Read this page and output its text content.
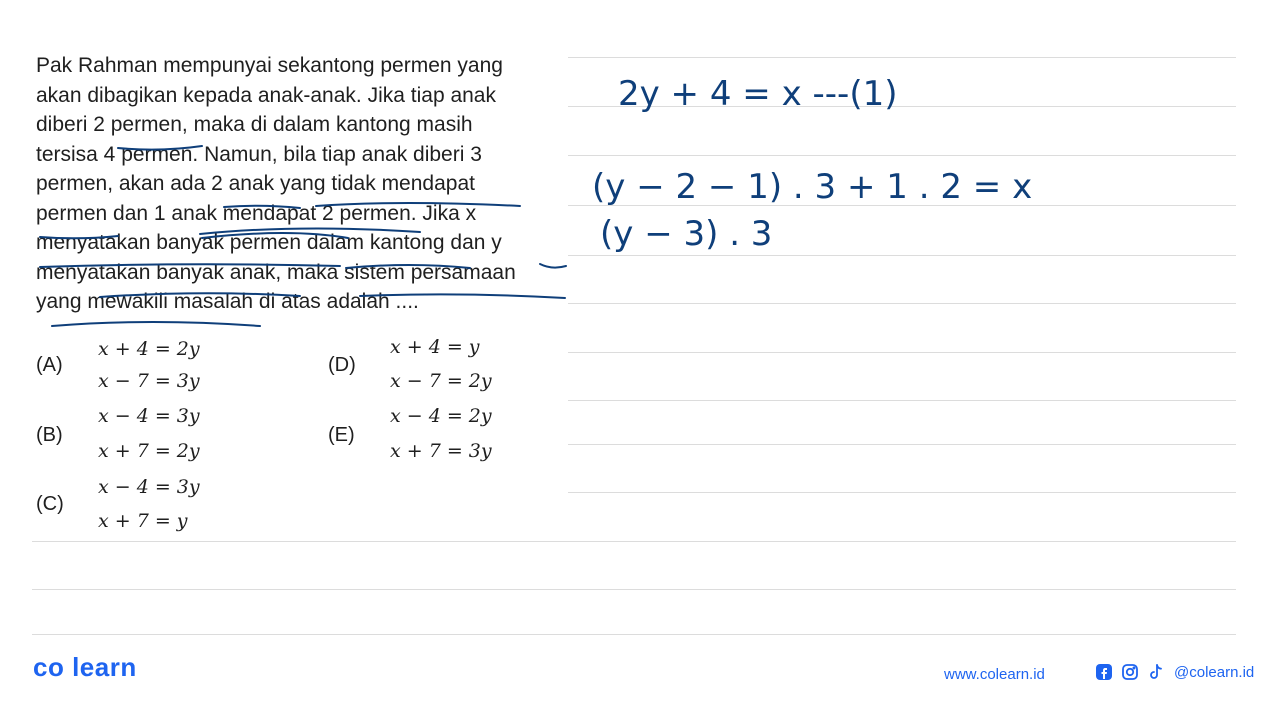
Pak Rahman mempunyai sekantong permen yang
akan dibagikan kepada anak-anak. Jika tiap anak
diberi 2 permen, maka di dalam kantong masih
tersisa 4 permen. Namun, bila tiap anak diberi 3
permen, akan ada 2 anak yang tidak mendapat
permen dan 1 anak mendapat 2 permen. Jika x
menyatakan banyak permen dalam kantong dan y
menyatakan banyak anak, maka sistem persamaan
yang mewakili masalah di atas adalah ....
(A)
x + 4 = 2y
x − 7 = 3y
(B)
x − 4 = 3y
x + 7 = 2y
(C)
x − 4 = 3y
x + 7 = y
(D)
x + 4 = y
x − 7 = 2y
(E)
x − 4 = 2y
x + 7 = 3y
2y + 4 = x ---(1)
(y − 2 − 1) . 3 + 1 . 2 = x
(y − 3) . 3
co learn	www.colearn.id	@colearn.id
